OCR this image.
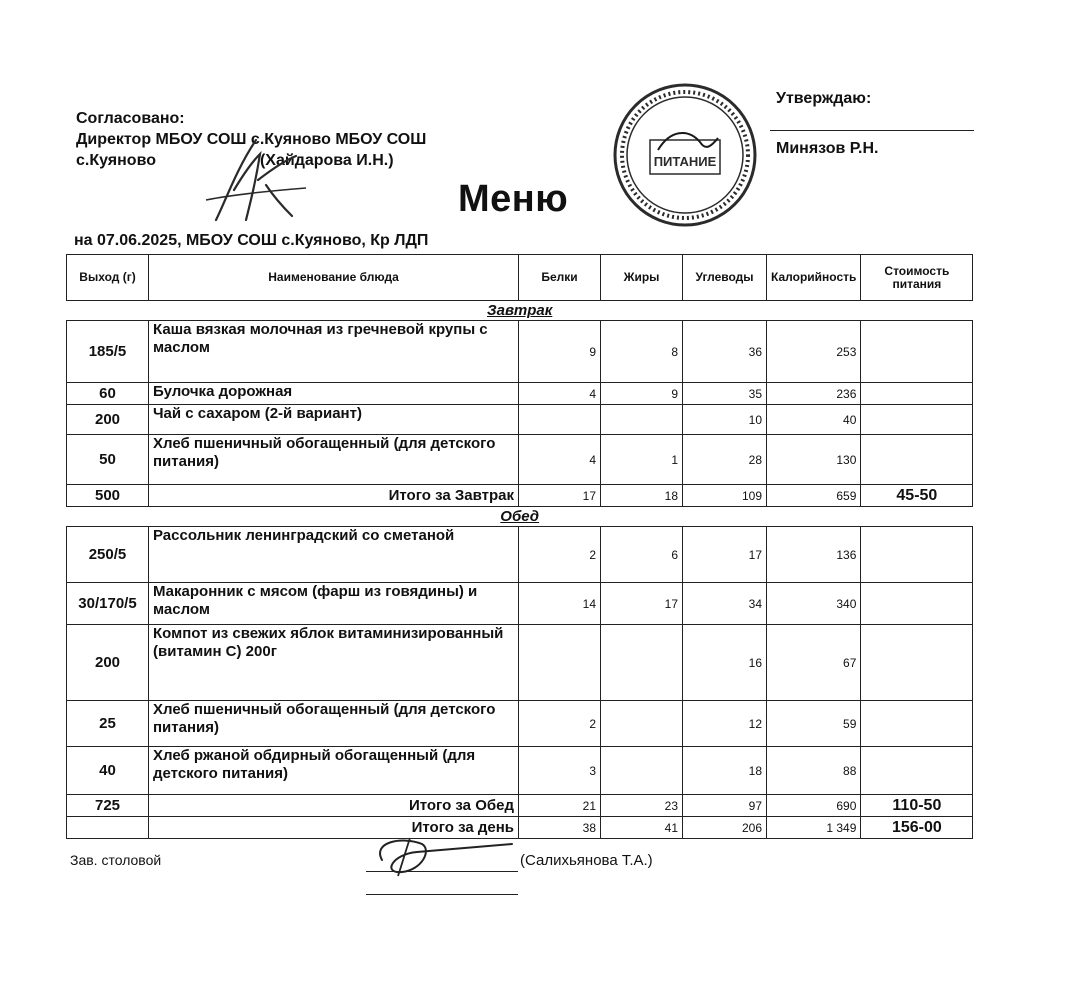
Согласовано:
Директор МБОУ СОШ с.Куяново МБОУ СОШ
с.Куяново	(Хайдарова И.Н.)	ПИТАНИЕ
Утверждаю:
Минязов Р.Н.
Меню
на 07.06.2025, МБОУ СОШ с.Куяново, Кр ЛДП
Выход (г)	Наименование блюда	Белки	Жиры	Углеводы	Калорийность	Стоимость питания
Завтрак						
185/5	Каша вязкая молочная из гречневой крупы с маслом	9	8	36	253	
60	Булочка дорожная	4	9	35	236	
200	Чай с сахаром (2-й вариант)			10	40	
50	Хлеб пшеничный обогащенный (для детского питания)	4	1	28	130	
500	Итого за Завтрак	17	18	109	659	45-50
Обед						
250/5	Рассольник ленинградский со сметаной	2	6	17	136	
30/170/5	Макаронник с мясом (фарш из говядины) и маслом	14	17	34	340	
200	Компот из свежих яблок витаминизированный (витамин С) 200г			16	67	
25	Хлеб пшеничный обогащенный (для детского питания)	2		12	59	
40	Хлеб ржаной обдирный обогащенный (для детского питания)	3		18	88	
725	Итого за Обед	21	23	97	690	110-50
	Итого за день	38	41	206	1 349	156-00
Зав. столовой	(Салихьянова Т.А.)
